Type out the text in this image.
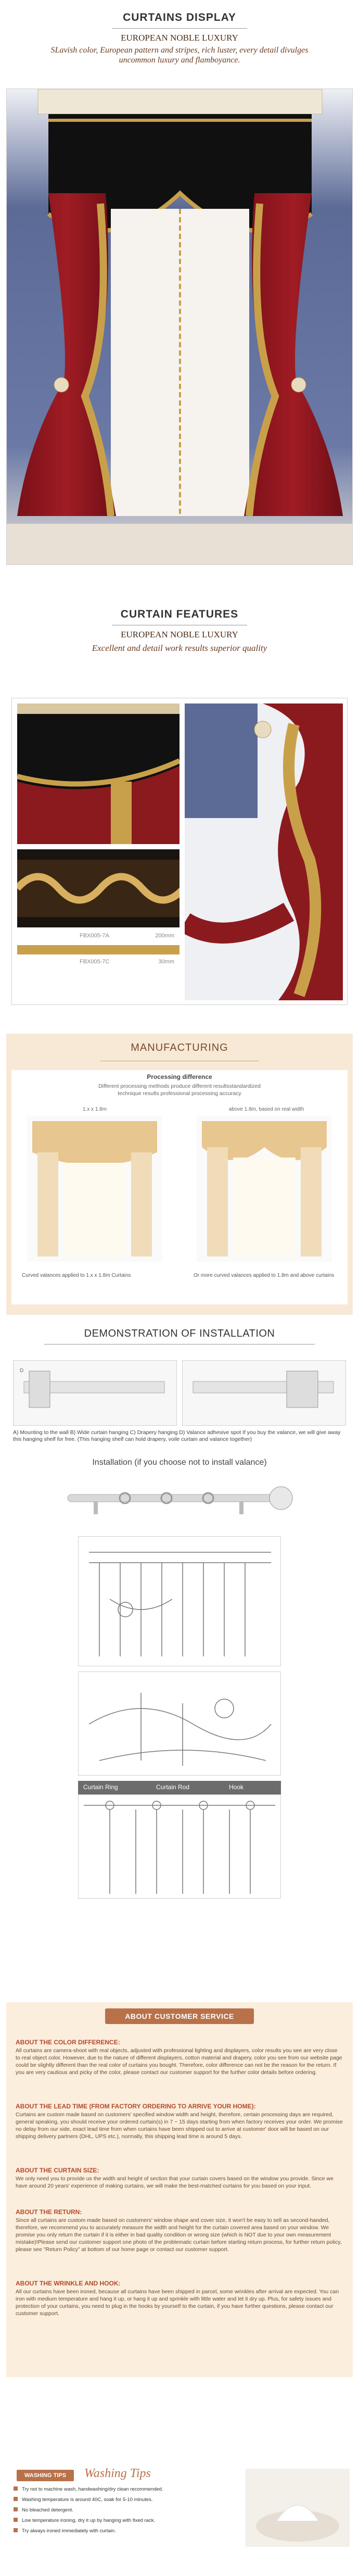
CURTAINS DISPLAY
EUROPEAN NOBLE LUXURY
SLavish color, European pattern and stripes, rich luster, every detail divulges uncommon luxury and flamboyance.
CURTAIN FEATURES
EUROPEAN NOBLE LUXURY
Excellent and detail work results superior quality
FBX005-7A	200mm
FBX005-7C	30mm
MANUFACTURING
Processing difference
Different processing methods produce different resultsstandardized technique results professional processing accuracy
1.x x 1.8m	above 1.8m, based on real width
Curved valances applied to 1.x x 1.8m Curtains	Or more curved valances applied to 1.8m and above curtains
DEMONSTRATION OF INSTALLATION
D
A) Mounting to the wall B) Wide curtain hanging C) Drapery hanging D) Valance adhesive spot If you buy the valance, we will give away this hanging shelf for free. (This hanging shelf can hold drapery, voile curtain and valance together)
Installation (if you choose not to install valance)
Curtain Ring	Curtain Rod	Hook
ABOUT CUSTOMER SERVICE
ABOUT THE COLOR DIFFERENCE:

All curtains are camera-shoot with real objects, adjusted with professional lighting and displayers, color results you see are very close to real object color. However, due to the nature of different displayers, cotton material and drapery, color you see from our website page could be slightly different than the real color of curtains you bought. Therefore, color difference can not be the reason for the return. If you are very cautious and picky of the color, please contact our customer support for the further color details before ordering.

ABOUT THE LEAD TIME (FROM FACTORY ORDERING TO ARRIVE YOUR HOME):

Curtains are custom made based on customers' specified window width and height, therefore, certain processing days are required, general speaking, you should receive your ordered curtain(s) in 7 ~ 15 days starting from when factory receives your order. We promise no delay from our side, exact lead time from when curtains have been shipped out to arrive at customer' door will be based on our shipping delivery partners (DHL, UPS etc.), normally, this shipping lead time is around 5 days.

ABOUT THE CURTAIN SIZE:

We only need you to provide us the width and height of section that your curtain covers based on the window you provide. Since we have around 20 years' experience of making curtains, we will make the best-matched curtains for you based on your input.

ABOUT THE RETURN:

Since all curtains are custom made based on customers' window shape and cover size, it won't be easy to sell as second-handed, therefore, we recommend you to accurately measure the width and height for the curtain covered area based on your window. We promise you only return the curtain if it is either in bad quality condition or wrong size (which is NOT due to your own measurement mistake)!Please send our customer support one photo of the problematic curtain before starting return process, for further return policy, please see "Return Policy" at bottom of our home page or contact our customer support.

ABOUT THE WRINKLE AND HOOK:

All our curtains have been ironed, because all curtains have been shipped in parcel, some wrinkles after arrival are expected. You can iron with medium temperature and hang it up, or hang it up and sprinkle with little water and let it dry up. Plus, for safety issues and protection of your curtains, you need to plug in the hooks by yourself to the curtain, if you have further questions, please contact our customer support.

WASHING TIPS	Washing Tips
Try not to machine wash, handwashing/dry clean recommended.
Washing temperature is around 40C, soak for 5-10 minutes.
No bleached detergent.
Low temperature ironing, dry it up by hanging with fixed rack.
Try always ironed immediately with curtain.
